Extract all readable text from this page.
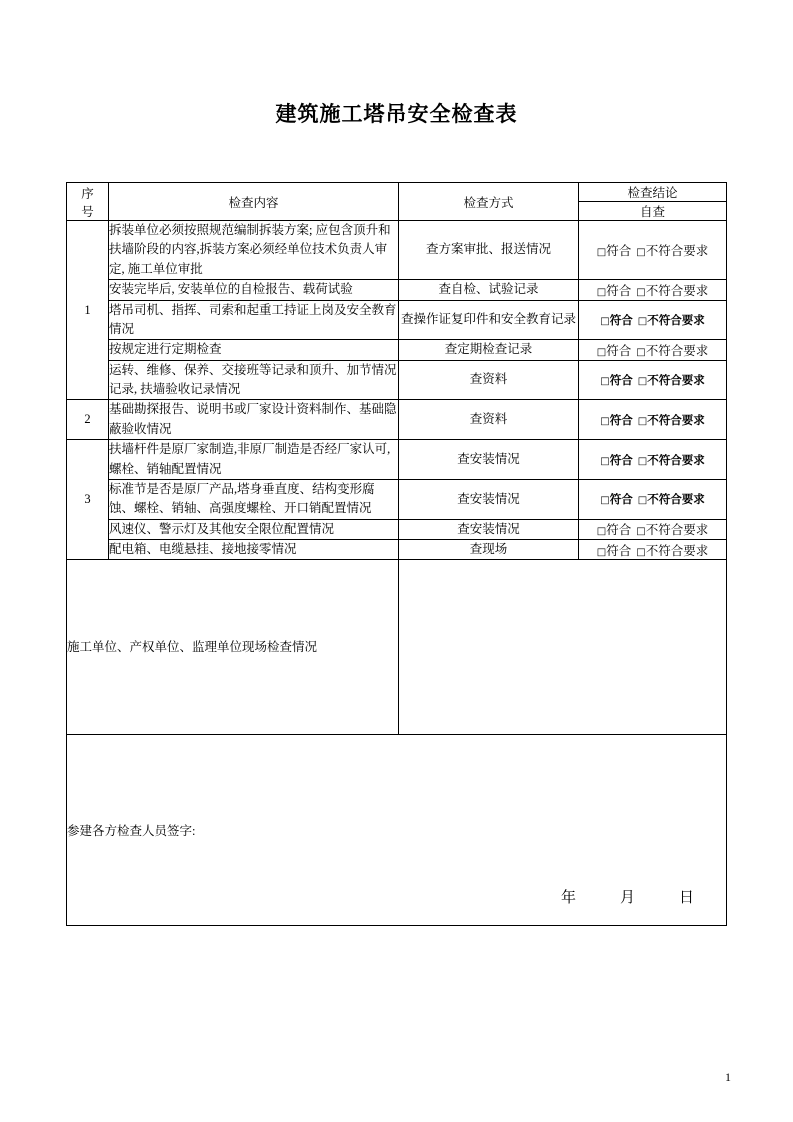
建筑施工塔吊安全检查表
序
号	检查内容	检查方式	检查结论
			自查
1	拆装单位必须按照规范编制拆装方案; 应包含顶升和扶墙阶段的内容,拆装方案必须经单位技术负责人审定, 施工单位审批	查方案审批、报送情况	□符合 □不符合要求
	安装完毕后, 安装单位的自检报告、载荷试验	查自检、试验记录	□符合 □不符合要求
	塔吊司机、指挥、司索和起重工持证上岗及安全教育情况	查操作证复印件和安全教育记录	□符合 □不符合要求
	按规定进行定期检查	查定期检查记录	□符合 □不符合要求
	运转、维修、保养、交接班等记录和顶升、加节情况记录, 扶墙验收记录情况	查资料	□符合 □不符合要求
2	基础勘探报告、说明书或厂家设计资料制作、基础隐蔽验收情况	查资料	□符合 □不符合要求
3	扶墙杆件是原厂家制造,非原厂制造是否经厂家认可, 螺栓、销轴配置情况	查安装情况	□符合 □不符合要求
	标准节是否是原厂产品,塔身垂直度、结构变形腐蚀、螺栓、销轴、高强度螺栓、开口销配置情况	查安装情况	□符合 □不符合要求
	风速仪、警示灯及其他安全限位配置情况	查安装情况	□符合 □不符合要求
	配电箱、电缆悬挂、接地接零情况	查现场	□符合 □不符合要求
施工单位、产权单位、监理单位现场检查情况			
参建各方检查人员签字:
年 月 日			
1
